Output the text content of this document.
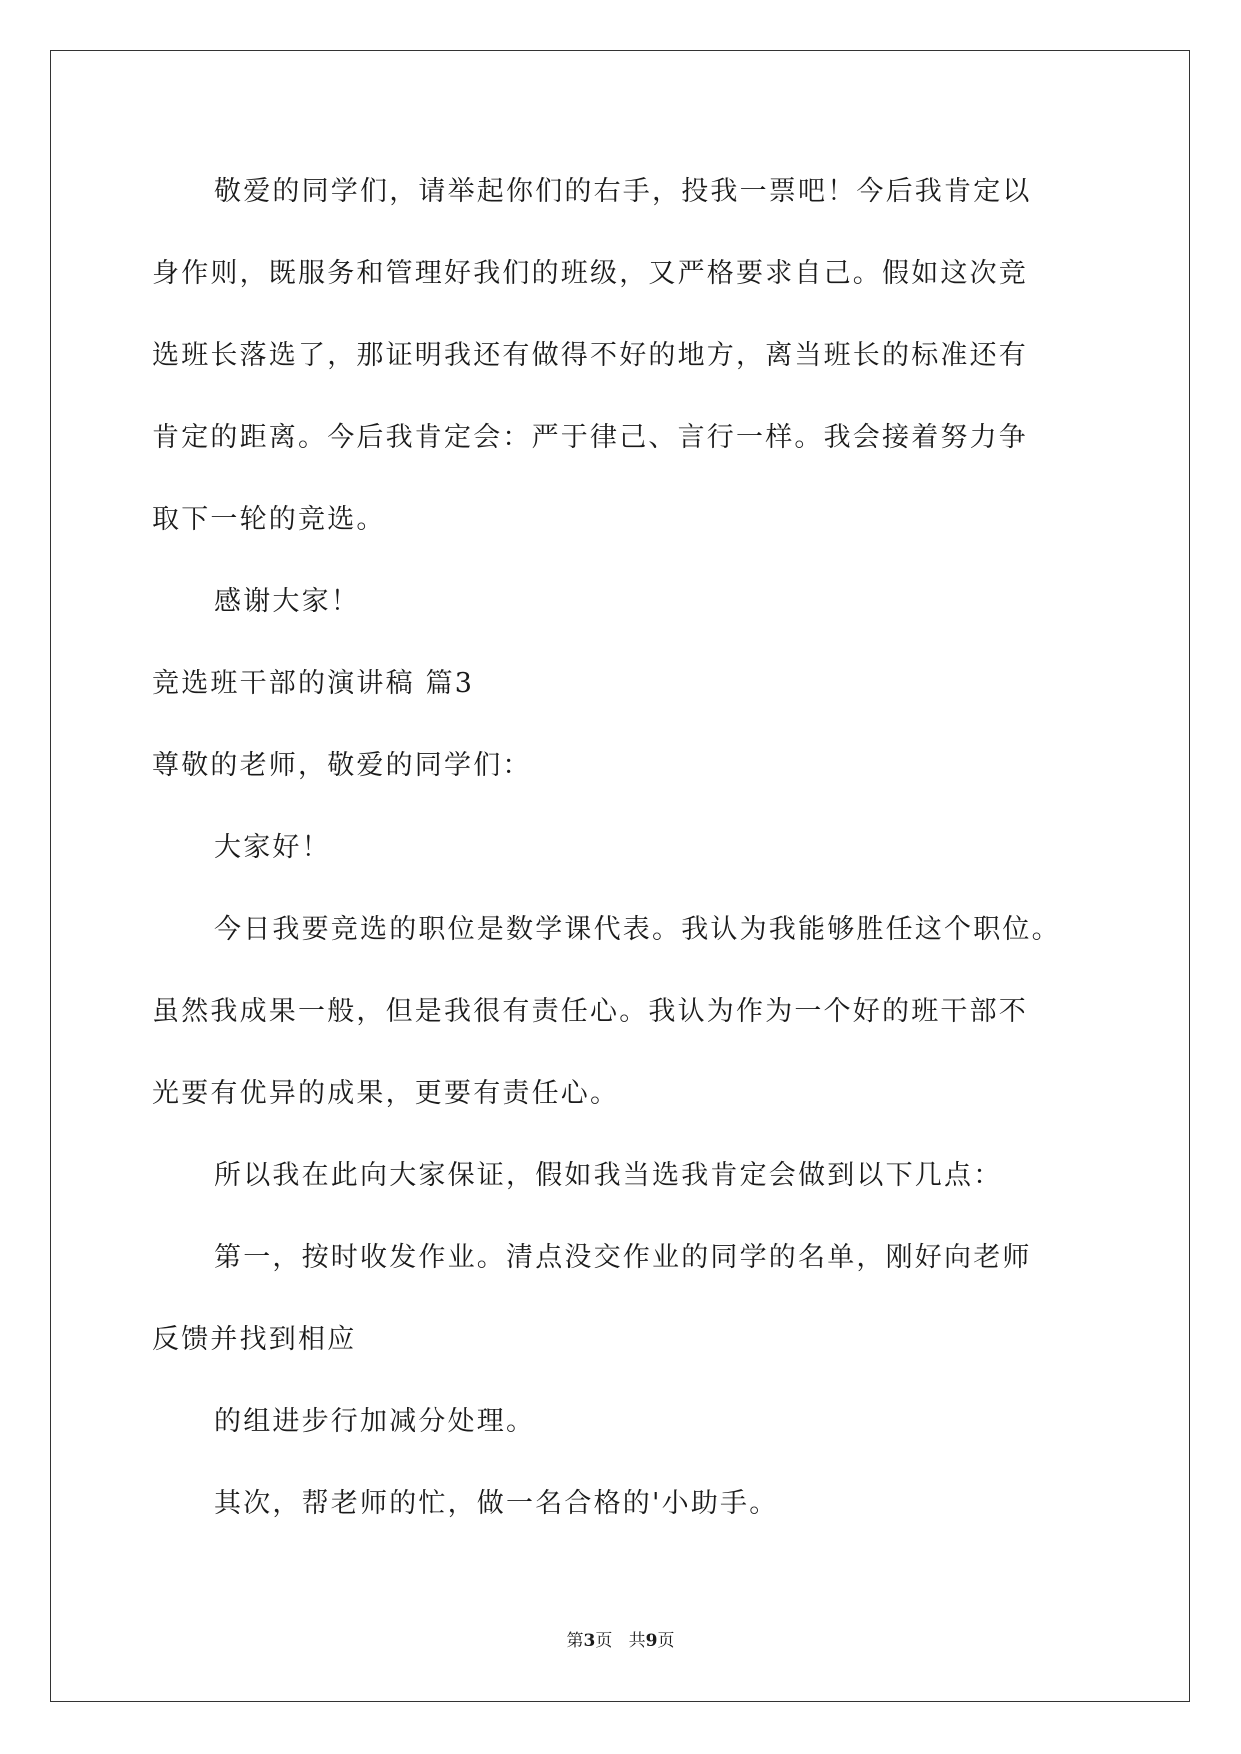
敬爱的同学们，请举起你们的右手，投我一票吧！今后我肯定以
身作则，既服务和管理好我们的班级，又严格要求自己。假如这次竞
选班长落选了，那证明我还有做得不好的地方，离当班长的标准还有
肯定的距离。今后我肯定会：严于律己、言行一样。我会接着努力争
取下一轮的竞选。
感谢大家！
竞选班干部的演讲稿 篇3
尊敬的老师，敬爱的同学们：
大家好！
今日我要竞选的职位是数学课代表。我认为我能够胜任这个职位。
虽然我成果一般，但是我很有责任心。我认为作为一个好的班干部不
光要有优异的成果，更要有责任心。
所以我在此向大家保证，假如我当选我肯定会做到以下几点：
第一，按时收发作业。清点没交作业的同学的名单，刚好向老师
反馈并找到相应
的组进步行加减分处理。
其次，帮老师的忙，做一名合格的'小助手。
第3页 共9页
